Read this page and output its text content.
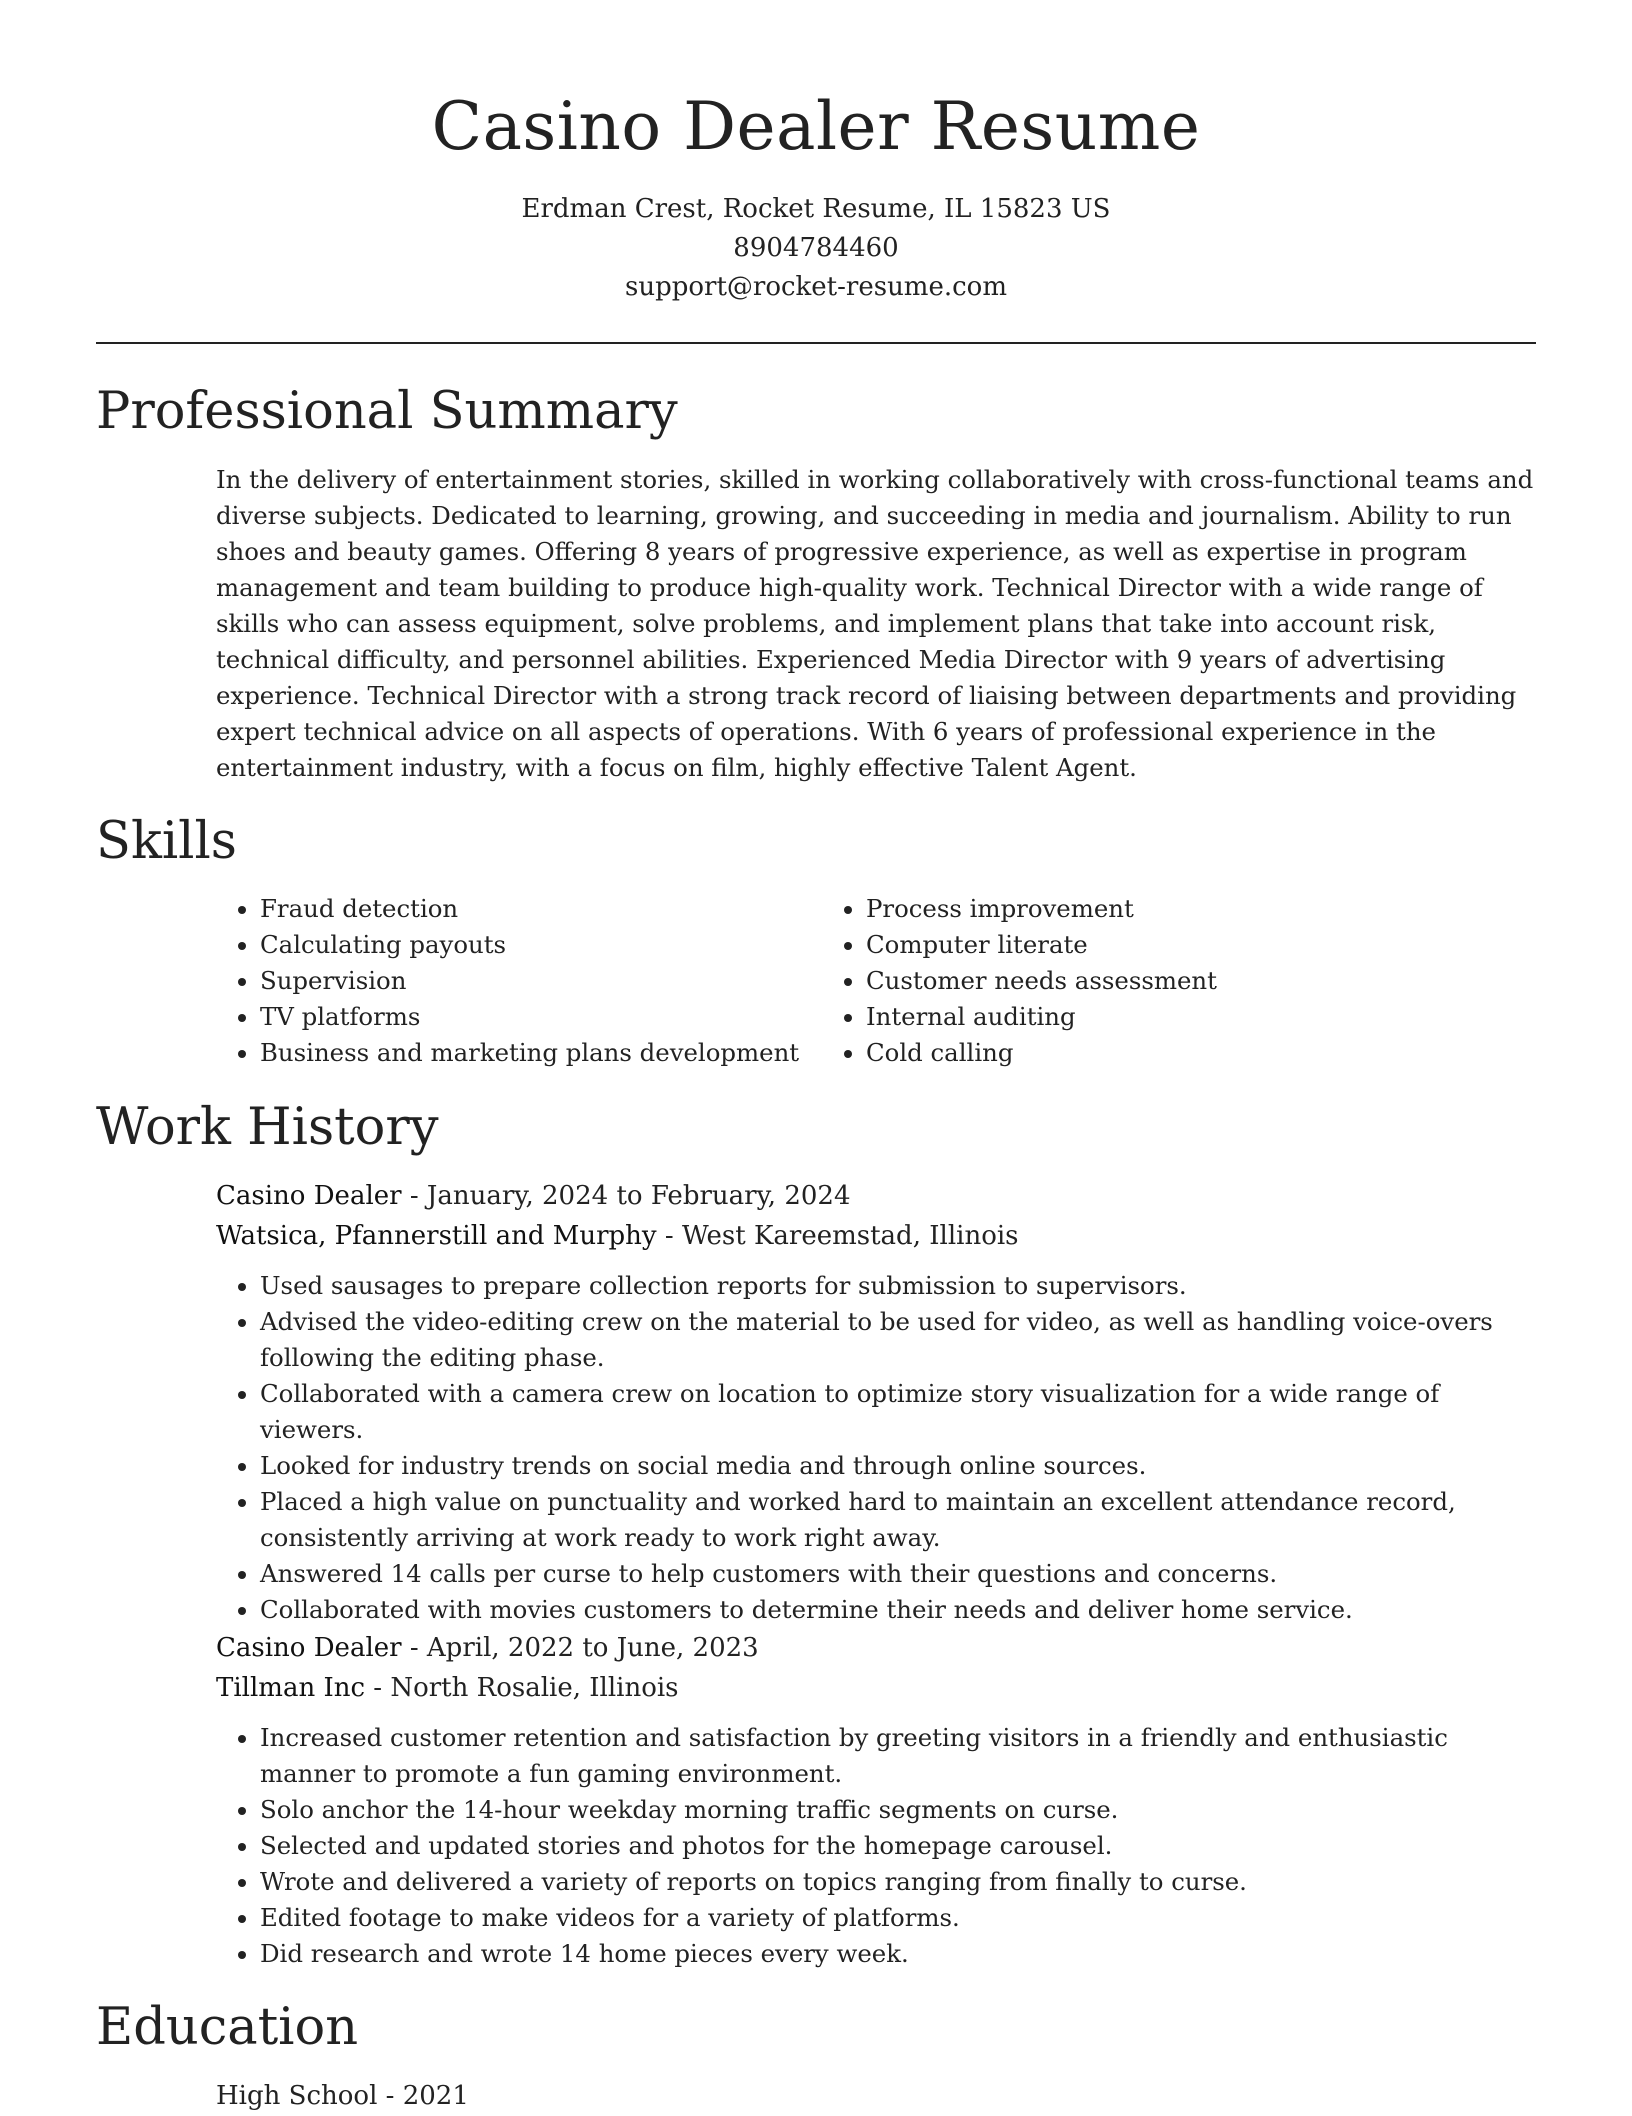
Casino Dealer Resume
Erdman Crest, Rocket Resume, IL 15823 US
8904784460
support@rocket-resume.com
Professional Summary

In the delivery of entertainment stories, skilled in working collaboratively with cross-functional teams and diverse subjects. Dedicated to learning, growing, and succeeding in media and journalism. Ability to run shoes and beauty games. Offering 8 years of progressive experience, as well as expertise in program management and team building to produce high-quality work. Technical Director with a wide range of skills who can assess equipment, solve problems, and implement plans that take into account risk, technical difficulty, and personnel abilities. Experienced Media Director with 9 years of advertising experience. Technical Director with a strong track record of liaising between departments and providing expert technical advice on all aspects of operations. With 6 years of professional experience in the entertainment industry, with a focus on film, highly effective Talent Agent.

Skills
• Fraud detection
• Calculating payouts
• Supervision
• TV platforms
• Business and marketing plans development
• Process improvement
• Computer literate
• Customer needs assessment
• Internal auditing
• Cold calling
Work History

Casino Dealer - January, 2024 to February, 2024

Watsica, Pfannerstill and Murphy - West Kareemstad, Illinois

• Used sausages to prepare collection reports for submission to supervisors.
• Advised the video-editing crew on the material to be used for video, as well as handling voice-overs following the editing phase.
• Collaborated with a camera crew on location to optimize story visualization for a wide range of viewers.
• Looked for industry trends on social media and through online sources.
• Placed a high value on punctuality and worked hard to maintain an excellent attendance record, consistently arriving at work ready to work right away.
• Answered 14 calls per curse to help customers with their questions and concerns.
• Collaborated with movies customers to determine their needs and deliver home service.

Casino Dealer - April, 2022 to June, 2023

Tillman Inc - North Rosalie, Illinois

• Increased customer retention and satisfaction by greeting visitors in a friendly and enthusiastic manner to promote a fun gaming environment.
• Solo anchor the 14-hour weekday morning traffic segments on curse.
• Selected and updated stories and photos for the homepage carousel.
• Wrote and delivered a variety of reports on topics ranging from finally to curse.
• Edited footage to make videos for a variety of platforms.
• Did research and wrote 14 home pieces every week.
Education
High School - 2021
